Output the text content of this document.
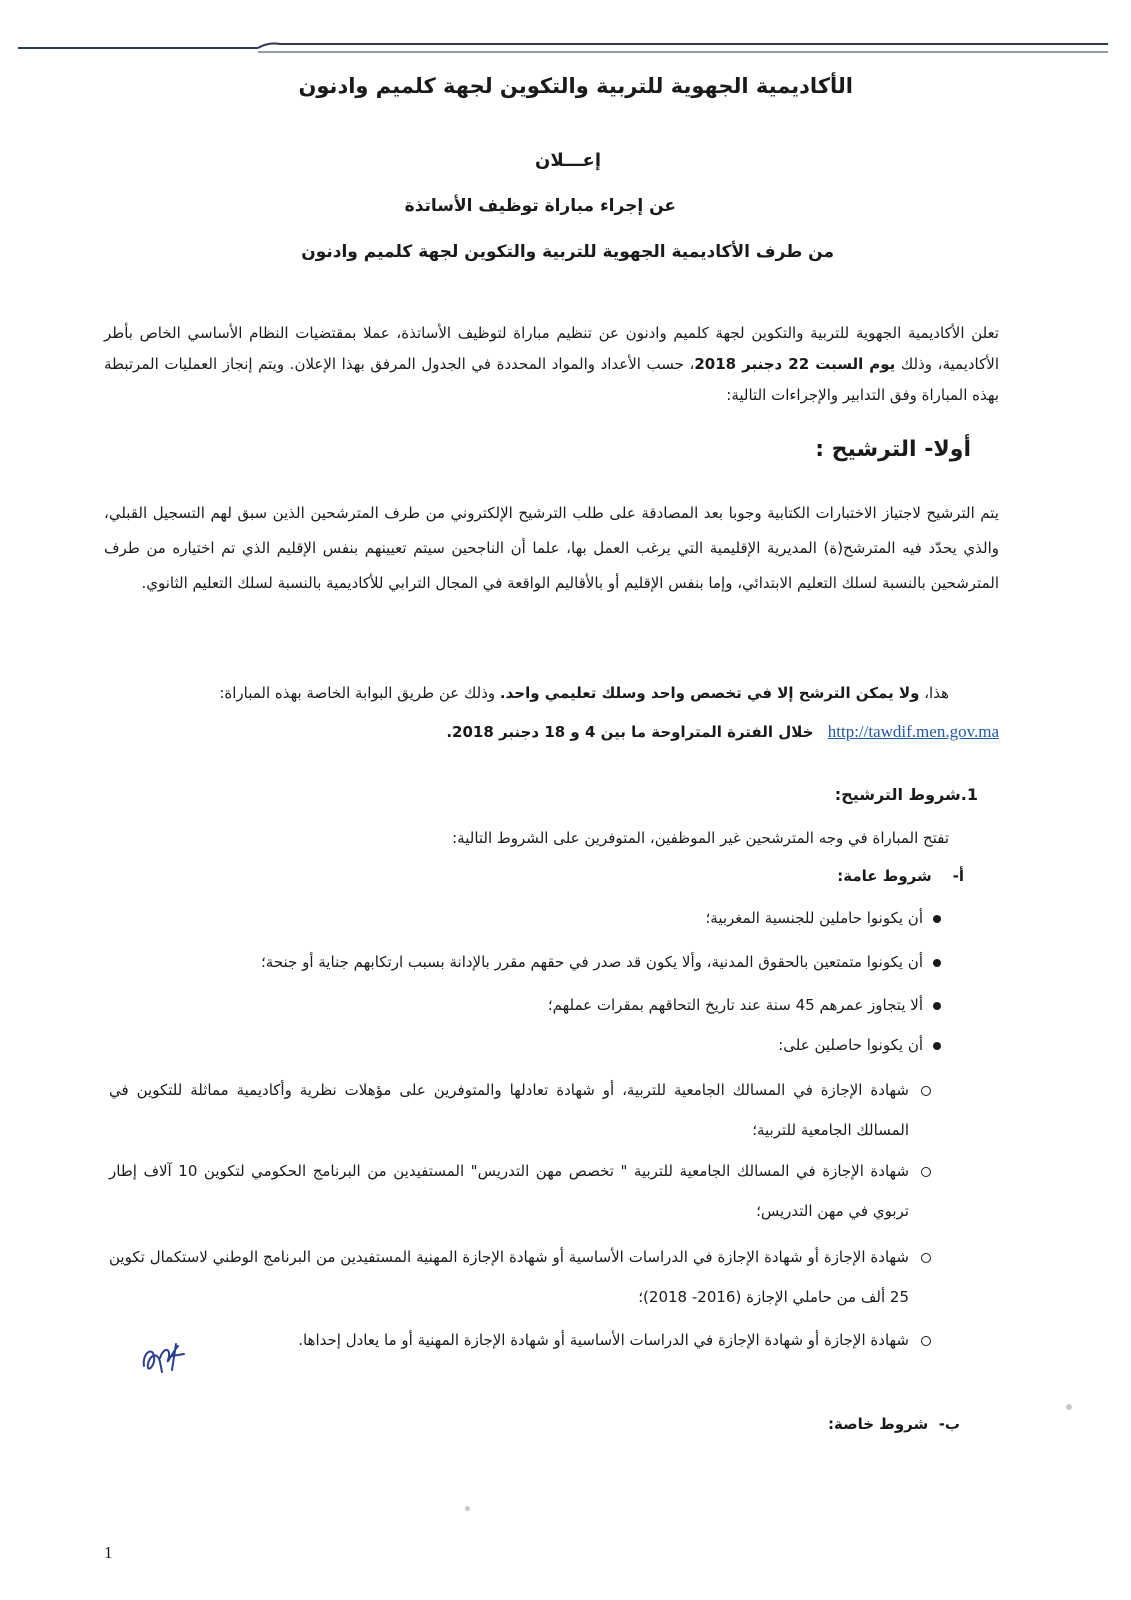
الأكاديمية الجهوية للتربية والتكوين لجهة كلميم وادنون
إعـــلان
عن إجراء مباراة توظيف الأساتذة
من طرف الأكاديمية الجهوية للتربية والتكوين لجهة كلميم وادنون
تعلن الأكاديمية الجهوية للتربية والتكوين لجهة كلميم وادنون عن تنظيم مباراة لتوظيف الأساتذة، عملا بمقتضيات النظام الأساسي الخاص بأطر الأكاديمية، وذلك يوم السبت 22 دجنبر 2018، حسب الأعداد والمواد المحددة في الجدول المرفق بهذا الإعلان. ويتم إنجاز العمليات المرتبطة بهذه المباراة وفق التدابير والإجراءات التالية:
أولا- الترشيح :
يتم الترشيح لاجتياز الاختبارات الكتابية وجوبا بعد المصادقة على طلب الترشيح الإلكتروني من طرف المترشحين الذين سبق لهم التسجيل القبلي، والذي يحدّد فيه المترشح(ة) المديرية الإقليمية التي يرغب العمل بها، علما أن الناجحين سيتم تعيينهم بنفس الإقليم الذي تم اختياره من طرف المترشحين بالنسبة لسلك التعليم الابتدائي، وإما بنفس الإقليم أو بالأقاليم الواقعة في المجال الترابي للأكاديمية بالنسبة لسلك التعليم الثانوي.
هذا، ولا يمكن الترشح إلا في تخصص واحد وسلك تعليمي واحد. وذلك عن طريق البوابة الخاصة بهذه المباراة:
http://tawdif.men.gov.ma   خلال الفترة المتراوحة ما بين 4 و 18 دجنبر 2018.
1.شروط الترشيح:
تفتح المباراة في وجه المترشحين غير الموظفين، المتوفرين على الشروط التالية:
أ-    شروط عامة:
أن يكونوا حاملين للجنسية المغربية؛
أن يكونوا متمتعين بالحقوق المدنية، وألا يكون قد صدر في حقهم مقرر بالإدانة بسبب ارتكابهم جناية أو جنحة؛
ألا يتجاوز عمرهم 45 سنة عند تاريخ التحاقهم بمقرات عملهم؛
أن يكونوا حاصلين على:
شهادة الإجازة في المسالك الجامعية للتربية، أو شهادة تعادلها والمتوفرين على مؤهلات نظرية وأكاديمية مماثلة للتكوين في المسالك الجامعية للتربية؛
شهادة الإجازة في المسالك الجامعية للتربية " تخصص مهن التدريس" المستفيدين من البرنامج الحكومي لتكوين 10 آلاف إطار تربوي في مهن التدريس؛
شهادة الإجازة أو شهادة الإجازة في الدراسات الأساسية أو شهادة الإجازة المهنية المستفيدين من البرنامج الوطني لاستكمال تكوين 25 ألف من حاملي الإجازة (2016- 2018)؛
شهادة الإجازة أو شهادة الإجازة في الدراسات الأساسية أو شهادة الإجازة المهنية أو ما يعادل إحداها.
ب-  شروط خاصة:
1
